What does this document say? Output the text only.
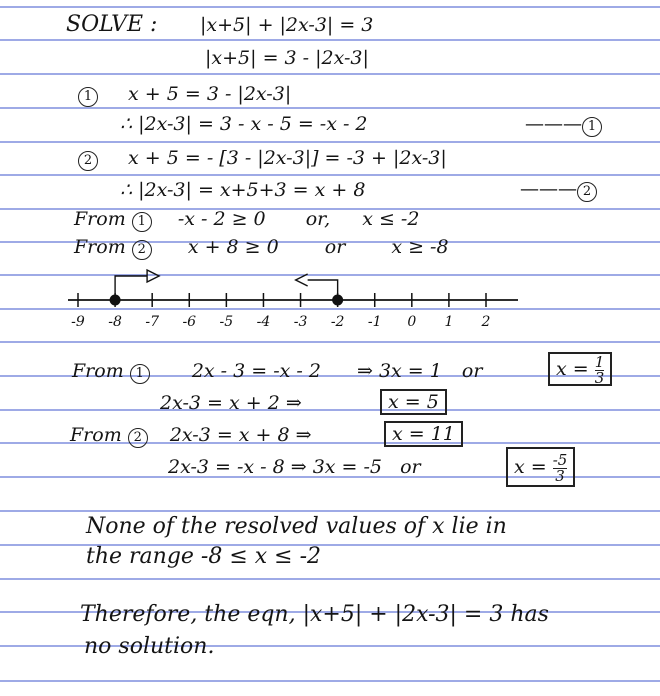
SOLVE : |x+5| + |2x-3| = 3
|x+5| = 3 - |2x-3|
1 x + 5 = 3 - |2x-3|
∴ |2x-3| = 3 - x - 5 = -x - 2	——— 1
2 x + 5 = - [3 - |2x-3|] = -3 + |2x-3|
∴ |2x-3| = x+5+3 = x + 8	——— 2
From 1 -x - 2 ≥ 0 or, x ≤ -2
From 2 x + 8 ≥ 0 or x ≥ -8
-9 -8 -7 -6 -5 -4 -3 -2 -1 0 1 2
From 1	2x - 3 = -x - 2 ⇒ 3x = 1 or	$x = \frac{1}{3}$
2x-3 = x + 2 ⇒	x = 5
From 2 2x-3 = x + 8 ⇒	x = 11
2x-3 = -x - 8 ⇒ 3x = -5 or	$x = \frac{-5}{3}$
None of the resolved values of x lie in
the range -8 ≤ x ≤ -2
Therefore, the eqn, |x+5| + |2x-3| = 3 has
no solution.
